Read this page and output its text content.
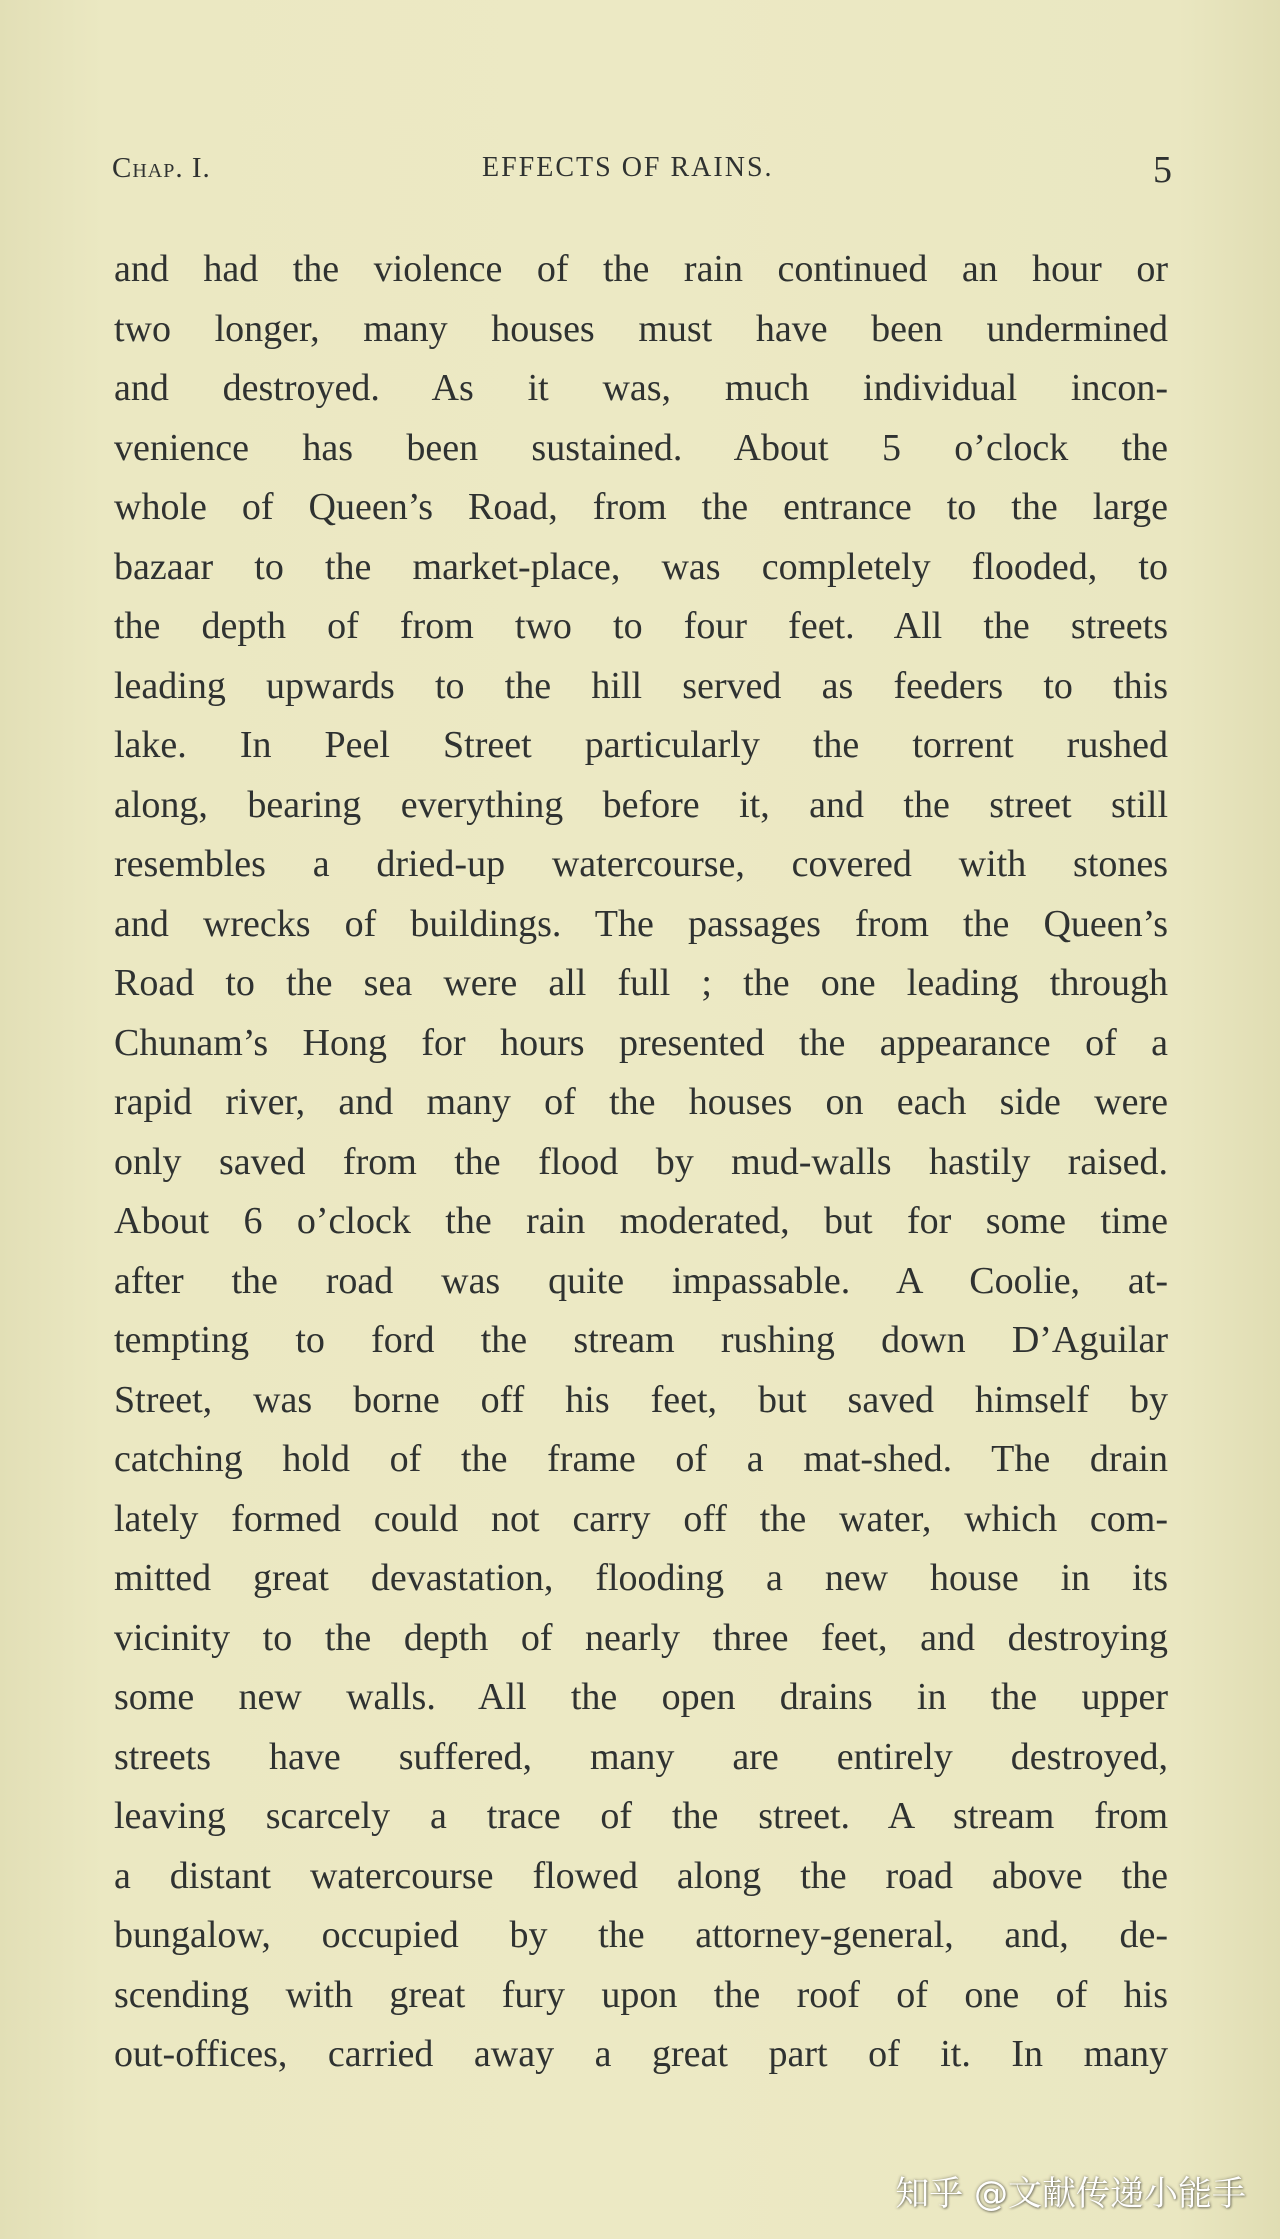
Chap. I.	EFFECTS OF RAINS.	5
and had the violence of the rain continued an hour or
two longer, many houses must have been undermined
and destroyed. As it was, much individual incon-
venience has been sustained. About 5 o’clock the
whole of Queen’s Road, from the entrance to the large
bazaar to the market-place, was completely flooded, to
the depth of from two to four feet. All the streets
leading upwards to the hill served as feeders to this
lake. In Peel Street particularly the torrent rushed
along, bearing everything before it, and the street still
resembles a dried-up watercourse, covered with stones
and wrecks of buildings. The passages from the Queen’s
Road to the sea were all full ; the one leading through
Chunam’s Hong for hours presented the appearance of a
rapid river, and many of the houses on each side were
only saved from the flood by mud-walls hastily raised.
About 6 o’clock the rain moderated, but for some time
after the road was quite impassable. A Coolie, at-
tempting to ford the stream rushing down D’Aguilar
Street, was borne off his feet, but saved himself by
catching hold of the frame of a mat-shed. The drain
lately formed could not carry off the water, which com-
mitted great devastation, flooding a new house in its
vicinity to the depth of nearly three feet, and destroying
some new walls. All the open drains in the upper
streets have suffered, many are entirely destroyed,
leaving scarcely a trace of the street. A stream from
a distant watercourse flowed along the road above the
bungalow, occupied by the attorney-general, and, de-
scending with great fury upon the roof of one of his
out-offices, carried away a great part of it. In many
知乎 @文献传递小能手
